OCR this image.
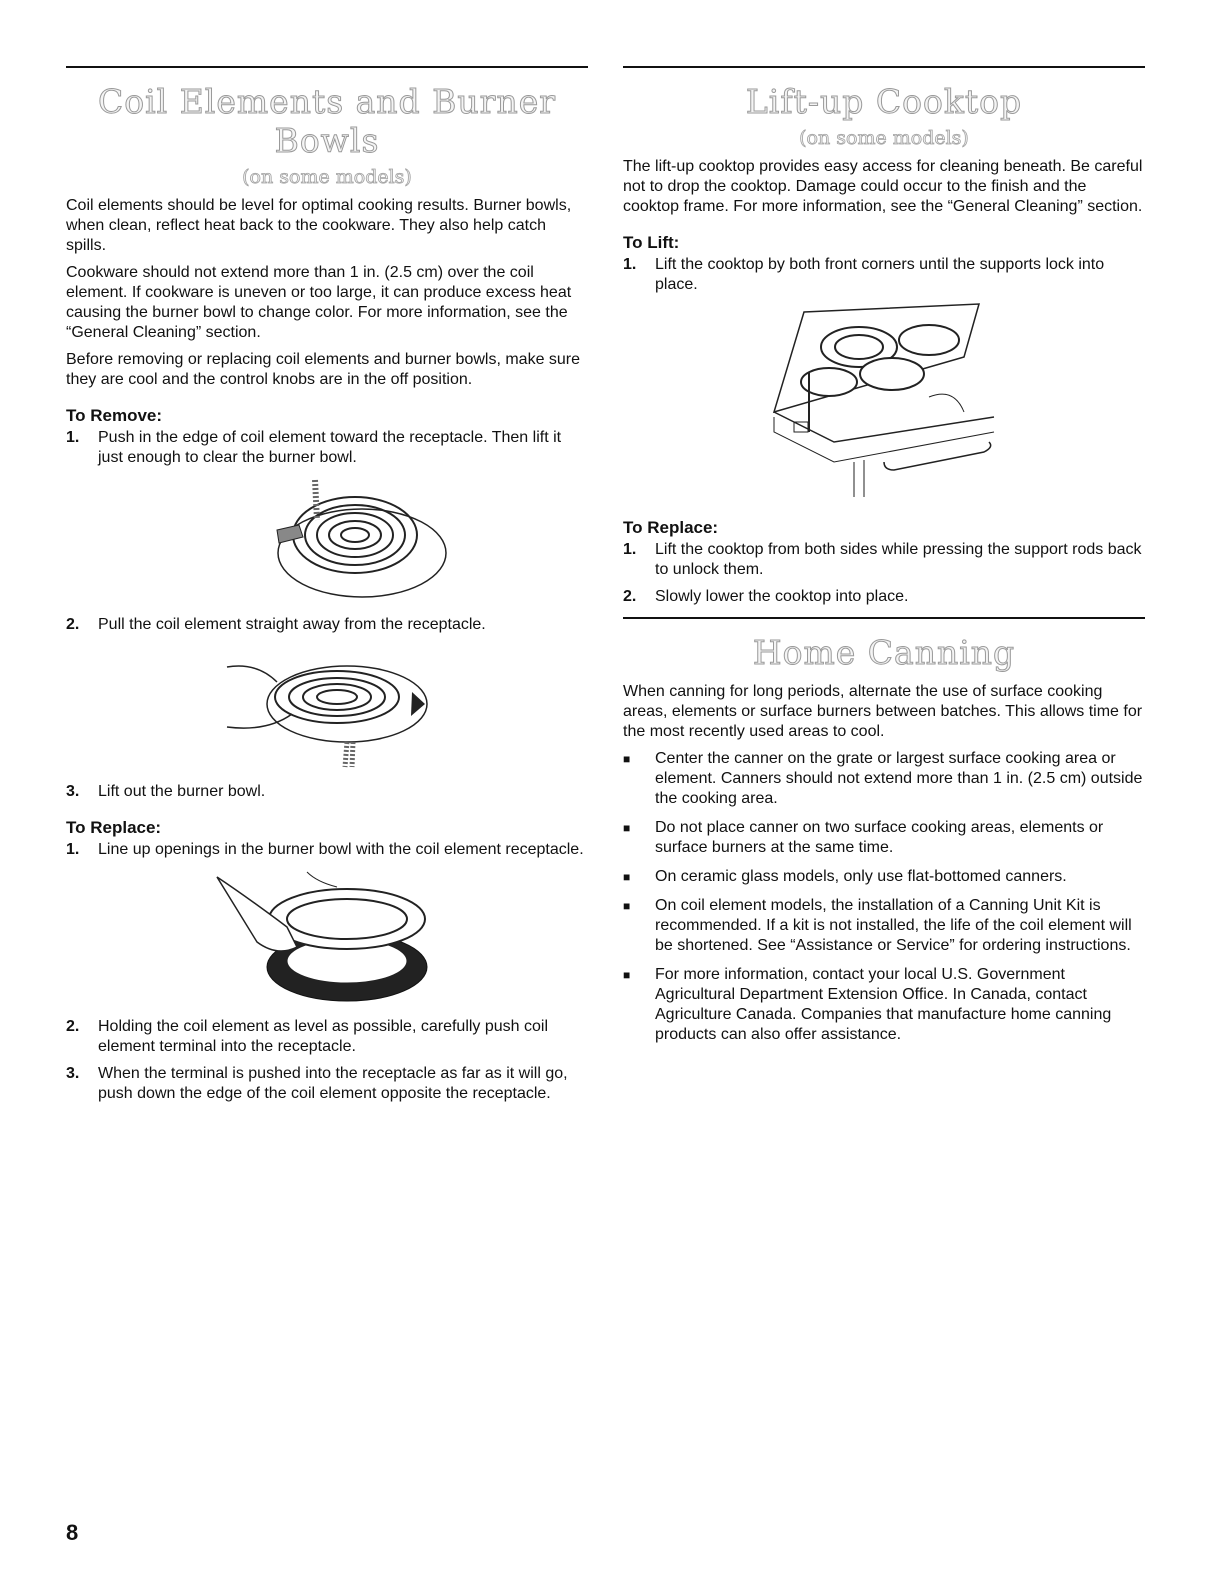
Coil Elements and Burner Bowls
(on some models)

Coil elements should be level for optimal cooking results. Burner bowls, when clean, reflect heat back to the cookware. They also help catch spills.

Cookware should not extend more than 1 in. (2.5 cm) over the coil element. If cookware is uneven or too large, it can produce excess heat causing the burner bowl to change color. For more information, see the “General Cleaning” section.

Before removing or replacing coil elements and burner bowls, make sure they are cool and the control knobs are in the off position.

To Remove:
1.	Push in the edge of coil element toward the receptacle. Then lift it just enough to clear the burner bowl.
2.	Pull the coil element straight away from the receptacle.
3.	Lift out the burner bowl.
To Replace:
1.	Line up openings in the burner bowl with the coil element receptacle.
2.	Holding the coil element as level as possible, carefully push coil element terminal into the receptacle.
3.	When the terminal is pushed into the receptacle as far as it will go, push down the edge of the coil element opposite the receptacle.
Lift-up Cooktop
(on some models)

The lift-up cooktop provides easy access for cleaning beneath. Be careful not to drop the cooktop. Damage could occur to the finish and the cooktop frame. For more information, see the “General Cleaning” section.

To Lift:
1.	Lift the cooktop by both front corners until the supports lock into place.
To Replace:
1.	Lift the cooktop from both sides while pressing the support rods back to unlock them.
2.	Slowly lower the cooktop into place.
Home Canning

When canning for long periods, alternate the use of surface cooking areas, elements or surface burners between batches. This allows time for the most recently used areas to cool.

■	Center the canner on the grate or largest surface cooking area or element. Canners should not extend more than 1 in. (2.5 cm) outside the cooking area.
■	Do not place canner on two surface cooking areas, elements or surface burners at the same time.
■	On ceramic glass models, only use flat-bottomed canners.
■	On coil element models, the installation of a Canning Unit Kit is recommended. If a kit is not installed, the life of the coil element will be shortened. See “Assistance or Service” for ordering instructions.
■	For more information, contact your local U.S. Government Agricultural Department Extension Office. In Canada, contact Agriculture Canada. Companies that manufacture home canning products can also offer assistance.
8
